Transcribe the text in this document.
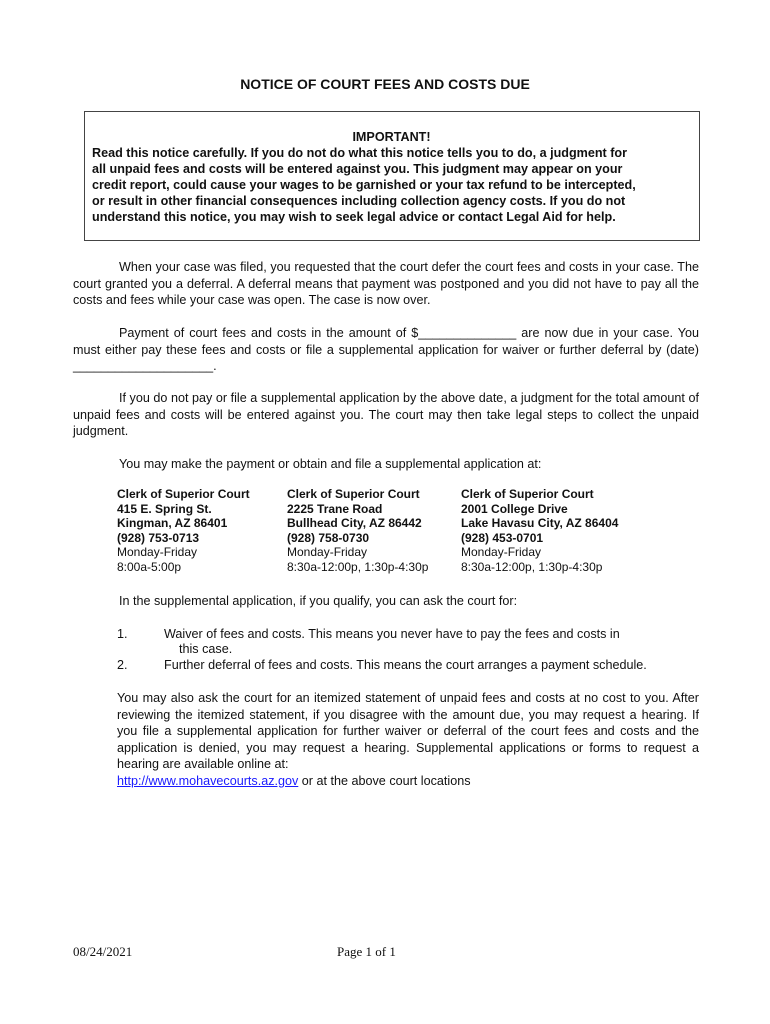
NOTICE OF COURT FEES AND COSTS DUE
IMPORTANT!
Read this notice carefully. If you do not do what this notice tells you to do, a judgment for
all unpaid fees and costs will be entered against you. This judgment may appear on your
credit report, could cause your wages to be garnished or your tax refund to be intercepted,
or result in other financial consequences including collection agency costs. If you do not
understand this notice, you may wish to seek legal advice or contact Legal Aid for help.
When your case was filed, you requested that the court defer the court fees and costs in your case. The court granted you a deferral. A deferral means that payment was postponed and you did not have to pay all the costs and fees while your case was open. The case is now over.
Payment of court fees and costs in the amount of $______________ are now due in your case. You must either pay these fees and costs or file a supplemental application for waiver or further deferral by (date) ____________________.
If you do not pay or file a supplemental application by the above date, a judgment for the total amount of unpaid fees and costs will be entered against you. The court may then take legal steps to collect the unpaid judgment.
You may make the payment or obtain and file a supplemental application at:
Clerk of Superior Court
415 E. Spring St.
Kingman, AZ 86401
(928) 753-0713
Monday-Friday
8:00a-5:00p
Clerk of Superior Court
2225 Trane Road
Bullhead City, AZ 86442
(928) 758-0730
Monday-Friday
8:30a-12:00p, 1:30p-4:30p
Clerk of Superior Court
2001 College Drive
Lake Havasu City, AZ 86404
(928) 453-0701
Monday-Friday
8:30a-12:00p, 1:30p-4:30p
In the supplemental application, if you qualify, you can ask the court for:
1.	Waiver of fees and costs. This means you never have to pay the fees and costs in
this case.
2.	Further deferral of fees and costs. This means the court arranges a payment schedule.
You may also ask the court for an itemized statement of unpaid fees and costs at no cost to you. After reviewing the itemized statement, if you disagree with the amount due, you may request a hearing. If you file a supplemental application for further waiver or deferral of the court fees and costs and the application is denied, you may request a hearing. Supplemental applications or forms to request a hearing are available online at:
http://www.mohavecourts.az.gov or at the above court locations
08/24/2021	Page 1 of 1
